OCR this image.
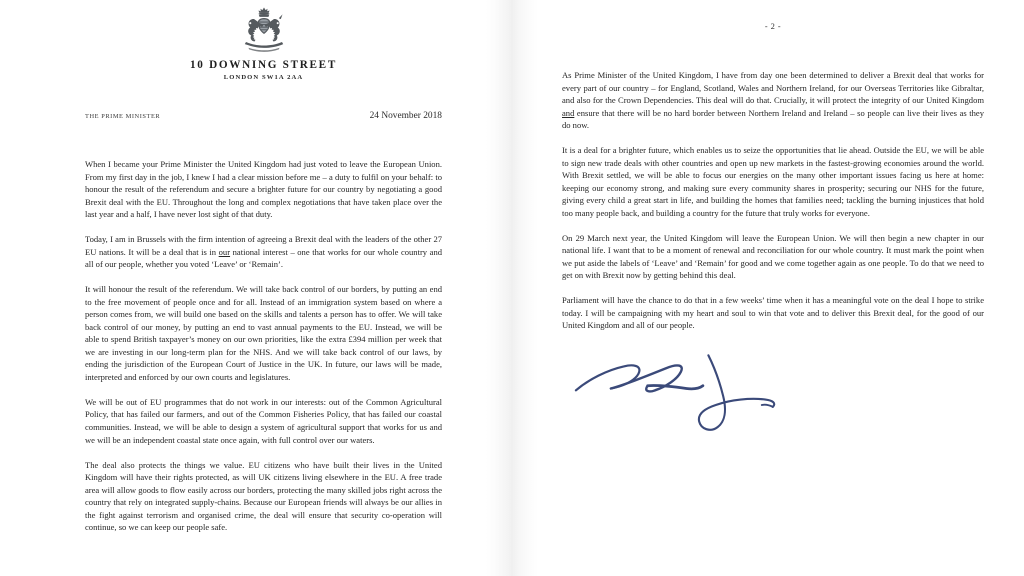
10 DOWNING STREET
LONDON SW1A 2AA
THE PRIME MINISTER	24 November 2018

When I became your Prime Minister the United Kingdom had just voted to leave the European Union. From my first day in the job, I knew I had a clear mission before me – a duty to fulfil on your behalf: to honour the result of the referendum and secure a brighter future for our country by negotiating a good Brexit deal with the EU. Throughout the long and complex negotiations that have taken place over the last year and a half, I have never lost sight of that duty.

Today, I am in Brussels with the firm intention of agreeing a Brexit deal with the leaders of the other 27 EU nations. It will be a deal that is in our national interest – one that works for our whole country and all of our people, whether you voted ‘Leave’ or ‘Remain’.

It will honour the result of the referendum. We will take back control of our borders, by putting an end to the free movement of people once and for all. Instead of an immigration system based on where a person comes from, we will build one based on the skills and talents a person has to offer. We will take back control of our money, by putting an end to vast annual payments to the EU. Instead, we will be able to spend British taxpayer’s money on our own priorities, like the extra £394 million per week that we are investing in our long-term plan for the NHS. And we will take back control of our laws, by ending the jurisdiction of the European Court of Justice in the UK. In future, our laws will be made, interpreted and enforced by our own courts and legislatures.

We will be out of EU programmes that do not work in our interests: out of the Common Agricultural Policy, that has failed our farmers, and out of the Common Fisheries Policy, that has failed our coastal communities. Instead, we will be able to design a system of agricultural support that works for us and we will be an independent coastal state once again, with full control over our waters.

The deal also protects the things we value. EU citizens who have built their lives in the United Kingdom will have their rights protected, as will UK citizens living elsewhere in the EU. A free trade area will allow goods to flow easily across our borders, protecting the many skilled jobs right across the country that rely on integrated supply-chains. Because our European friends will always be our allies in the fight against terrorism and organised crime, the deal will ensure that security co-operation will continue, so we can keep our people safe.

- 2 -

As Prime Minister of the United Kingdom, I have from day one been determined to deliver a Brexit deal that works for every part of our country – for England, Scotland, Wales and Northern Ireland, for our Overseas Territories like Gibraltar, and also for the Crown Dependencies. This deal will do that. Crucially, it will protect the integrity of our United Kingdom and ensure that there will be no hard border between Northern Ireland and Ireland – so people can live their lives as they do now.

It is a deal for a brighter future, which enables us to seize the opportunities that lie ahead. Outside the EU, we will be able to sign new trade deals with other countries and open up new markets in the fastest-growing economies around the world. With Brexit settled, we will be able to focus our energies on the many other important issues facing us here at home: keeping our economy strong, and making sure every community shares in prosperity; securing our NHS for the future, giving every child a great start in life, and building the homes that families need; tackling the burning injustices that hold too many people back, and building a country for the future that truly works for everyone.

On 29 March next year, the United Kingdom will leave the European Union. We will then begin a new chapter in our national life. I want that to be a moment of renewal and reconciliation for our whole country. It must mark the point when we put aside the labels of ‘Leave’ and ‘Remain’ for good and we come together again as one people. To do that we need to get on with Brexit now by getting behind this deal.

Parliament will have the chance to do that in a few weeks’ time when it has a meaningful vote on the deal I hope to strike today. I will be campaigning with my heart and soul to win that vote and to deliver this Brexit deal, for the good of our United Kingdom and all of our people.
